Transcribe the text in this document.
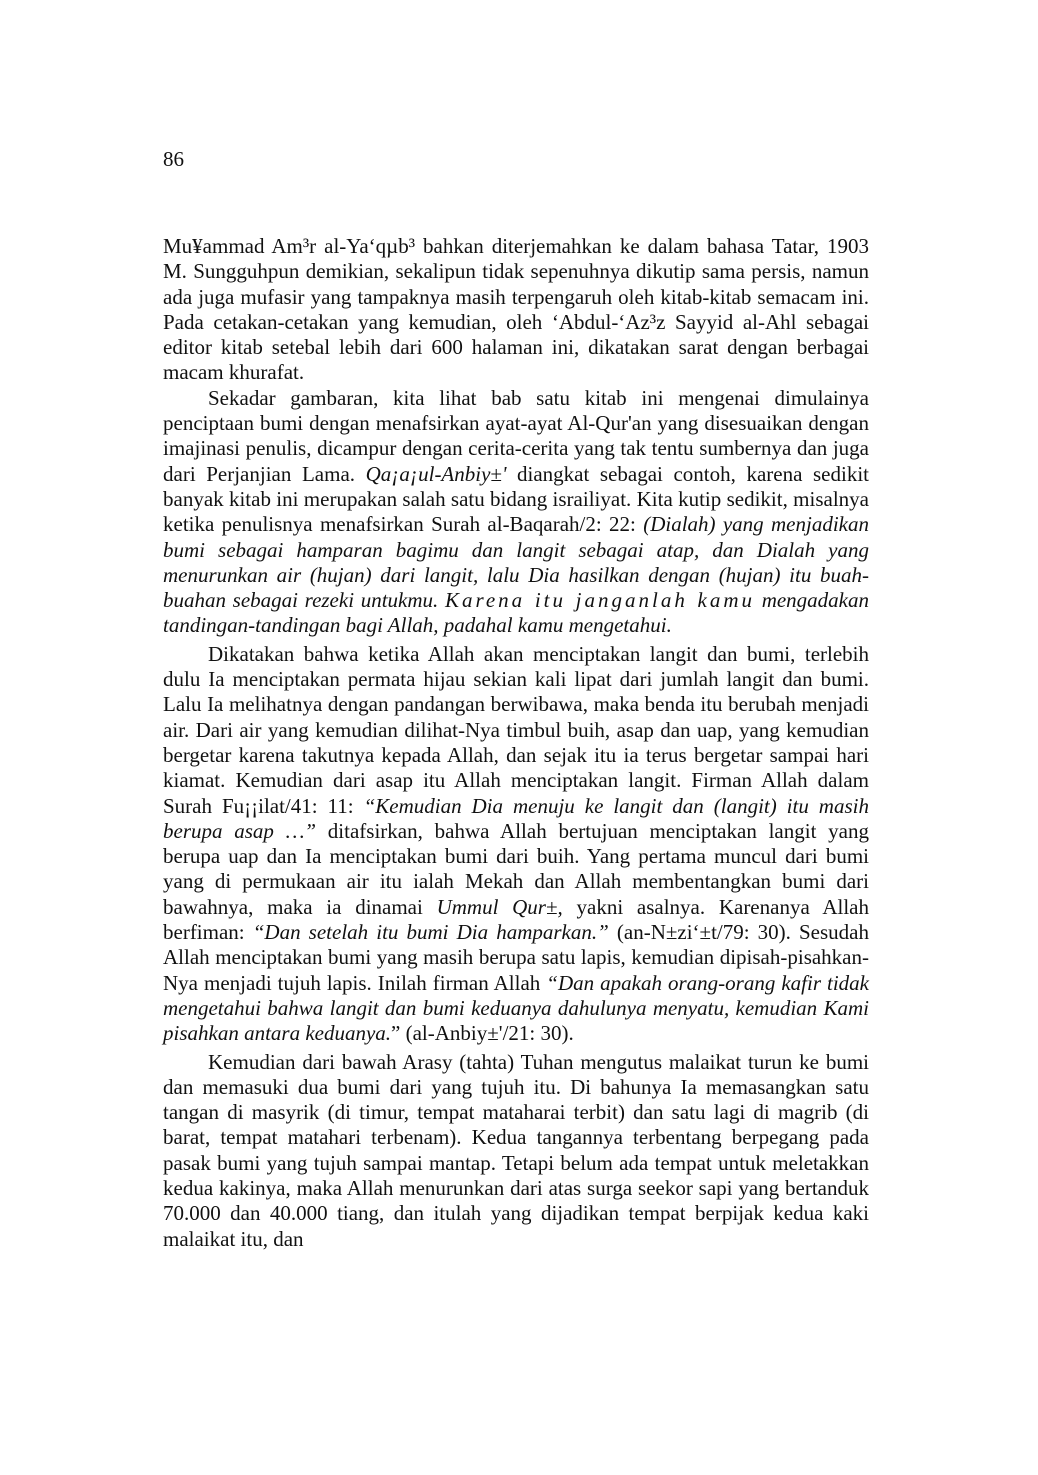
86

Mu¥ammad Am³r al-Ya‘qµb³ bahkan diterjemahkan ke dalam bahasa Tatar, 1903 M. Sungguhpun demikian, sekalipun tidak sepenuhnya dikutip sama persis, namun ada juga mufasir yang tampaknya masih terpengaruh oleh kitab-kitab semacam ini. Pada cetakan-cetakan yang kemudian, oleh ‘Abdul-‘Az³z Sayyid al-Ahl sebagai editor kitab setebal lebih dari 600 halaman ini, dikatakan sarat dengan berbagai macam khurafat.

Sekadar gambaran, kita lihat bab satu kitab ini mengenai dimulainya penciptaan bumi dengan menafsirkan ayat-ayat Al-Qur'an yang disesuaikan dengan imajinasi penulis, dicampur dengan cerita-cerita yang tak tentu sumbernya dan juga dari Perjanjian Lama. Qa¡a¡ul-Anbiy±' diangkat sebagai contoh, karena sedikit banyak kitab ini merupakan salah satu bidang israiliyat. Kita kutip sedikit, misalnya ketika penulisnya menafsirkan Surah al-Baqarah/2: 22: (Dialah) yang menjadikan bumi sebagai hamparan bagimu dan langit sebagai atap, dan Dialah yang menurunkan air (hujan) dari langit, lalu Dia hasilkan dengan (hujan) itu buah-buahan sebagai rezeki untukmu. Karena itu janganlah kamu mengadakan tandingan-tandingan bagi Allah, padahal kamu mengetahui.

Dikatakan bahwa ketika Allah akan menciptakan langit dan bumi, terlebih dulu Ia menciptakan permata hijau sekian kali lipat dari jumlah langit dan bumi. Lalu Ia melihatnya dengan pandangan berwibawa, maka benda itu berubah menjadi air. Dari air yang kemudian dilihat-Nya timbul buih, asap dan uap, yang kemudian bergetar karena takutnya kepada Allah, dan sejak itu ia terus bergetar sampai hari kiamat. Kemudian dari asap itu Allah menciptakan langit. Firman Allah dalam Surah Fu¡¡ilat/41: 11: “Kemudian Dia menuju ke langit dan (langit) itu masih berupa asap …” ditafsirkan, bahwa Allah bertujuan menciptakan langit yang berupa uap dan Ia menciptakan bumi dari buih. Yang pertama muncul dari bumi yang di permukaan air itu ialah Mekah dan Allah membentangkan bumi dari bawahnya, maka ia dinamai Ummul Qur±, yakni asalnya. Karenanya Allah berfiman: “Dan setelah itu bumi Dia hamparkan.” (an-N±zi‘±t/79: 30). Sesudah Allah menciptakan bumi yang masih berupa satu lapis, kemudian dipisah-pisahkan-Nya menjadi tujuh lapis. Inilah firman Allah “Dan apakah orang-orang kafir tidak mengetahui bahwa langit dan bumi keduanya dahulunya menyatu, kemudian Kami pisahkan antara keduanya.” (al-Anbiy±'/21: 30).

Kemudian dari bawah Arasy (tahta) Tuhan mengutus malaikat turun ke bumi dan memasuki dua bumi dari yang tujuh itu. Di bahunya Ia memasangkan satu tangan di masyrik (di timur, tempat mataharai terbit) dan satu lagi di magrib (di barat, tempat matahari terbenam). Kedua tangannya terbentang berpegang pada pasak bumi yang tujuh sampai mantap. Tetapi belum ada tempat untuk meletakkan kedua kakinya, maka Allah menurunkan dari atas surga seekor sapi yang bertanduk 70.000 dan 40.000 tiang, dan itulah yang dijadikan tempat berpijak kedua kaki malaikat itu, dan
